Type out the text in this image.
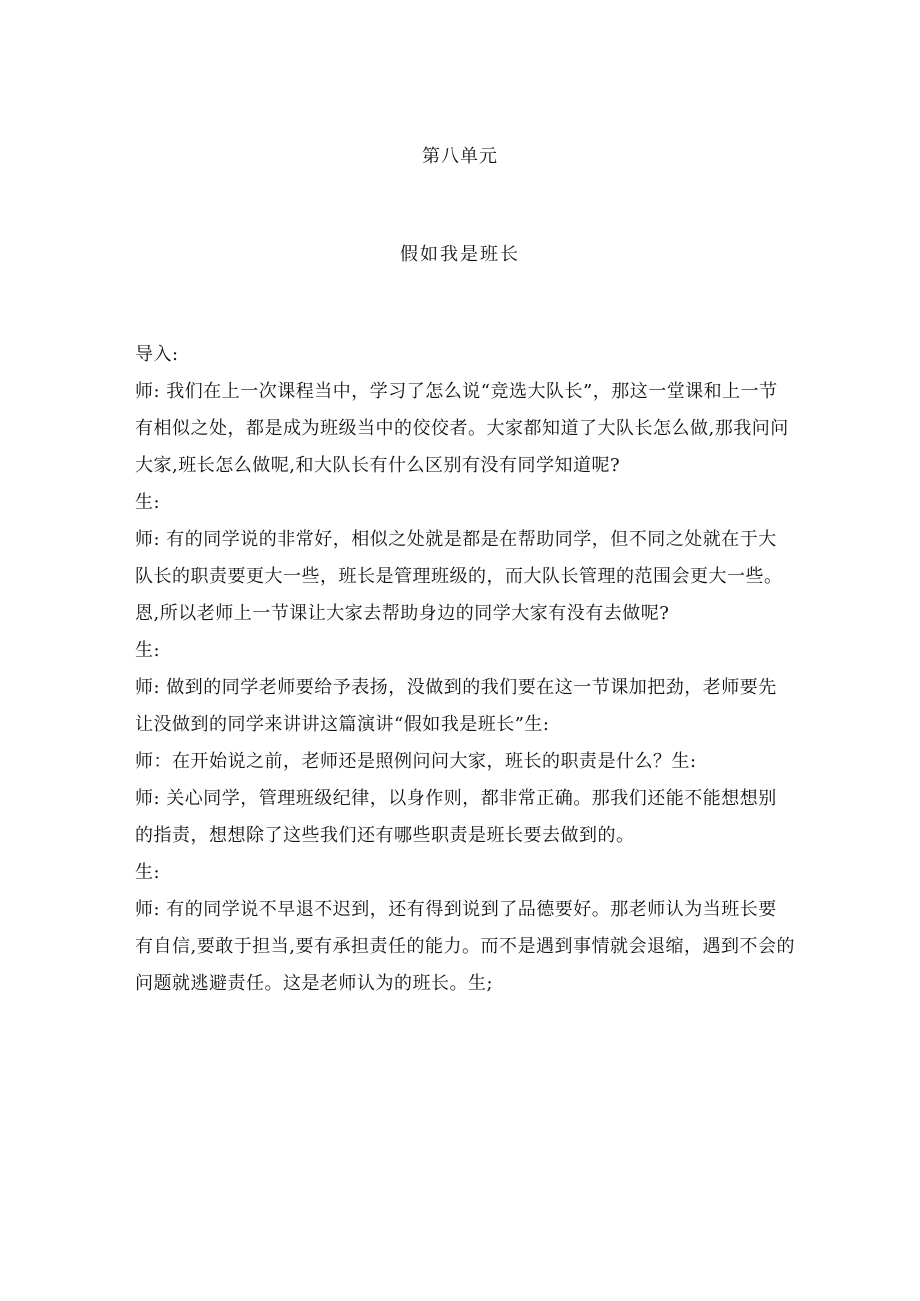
第八单元
假如我是班长

导入:

师: 我们在上一次课程当中，学习了怎么说“竞选大队长”，那这一堂课和上一节有相似之处，都是成为班级当中的佼佼者。大家都知道了大队长怎么做,那我问问大家,班长怎么做呢,和大队长有什么区别有没有同学知道呢?

生:

师: 有的同学说的非常好，相似之处就是都是在帮助同学，但不同之处就在于大队长的职责要更大一些，班长是管理班级的，而大队长管理的范围会更大一些。恩,所以老师上一节课让大家去帮助身边的同学大家有没有去做呢?

生:

师: 做到的同学老师要给予表扬，没做到的我们要在这一节课加把劲，老师要先让没做到的同学来讲讲这篇演讲“假如我是班长”生:

师：在开始说之前，老师还是照例问问大家，班长的职责是什么？生:

师: 关心同学，管理班级纪律，以身作则，都非常正确。那我们还能不能想想别的指责，想想除了这些我们还有哪些职责是班长要去做到的。

生:

师: 有的同学说不早退不迟到，还有得到说到了品德要好。那老师认为当班长要有自信,要敢于担当,要有承担责任的能力。而不是遇到事情就会退缩，遇到不会的问题就逃避责任。这是老师认为的班长。生;
